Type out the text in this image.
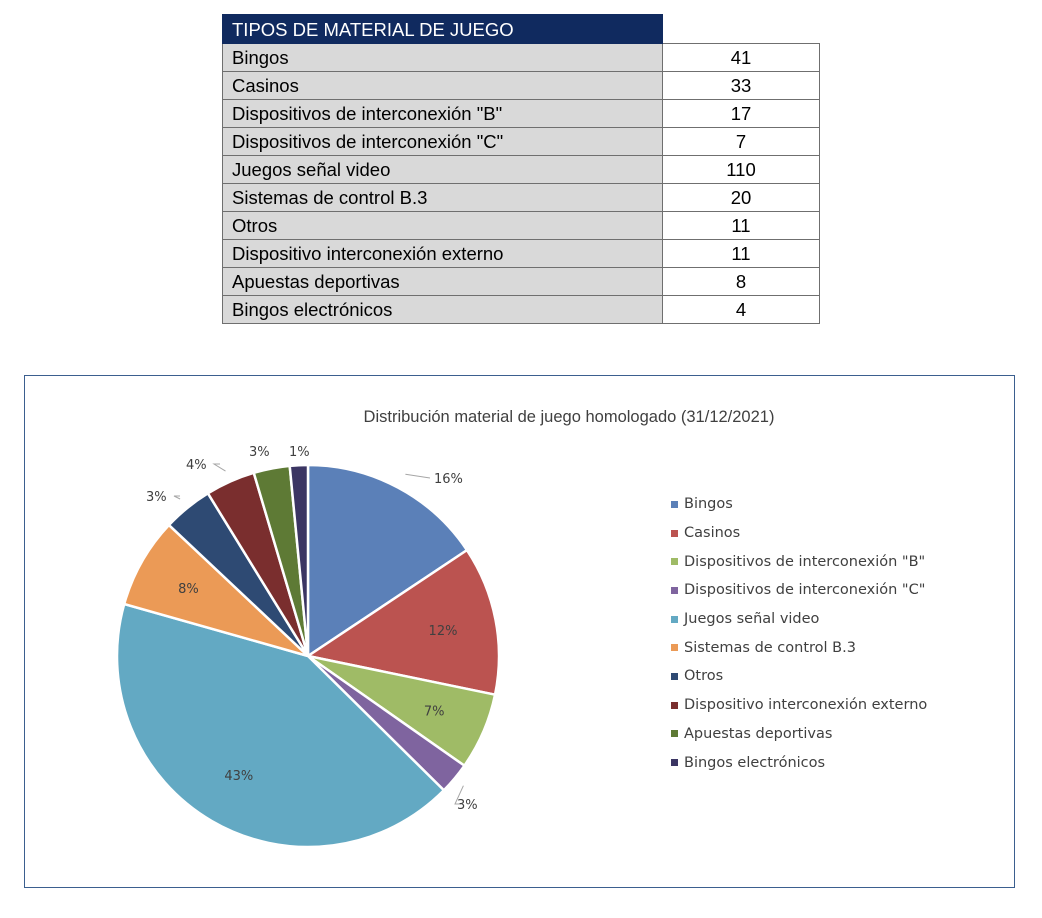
TIPOS DE MATERIAL DE JUEGO	
Bingos	41
Casinos	33
Dispositivos de interconexión "B"	17
Dispositivos de interconexión "C"	7
Juegos señal video	110
Sistemas de control B.3	20
Otros	11
Dispositivo interconexión externo	11
Apuestas deportivas	8
Bingos electrónicos	4
Distribución material de juego homologado (31/12/2021)
16%
12%
7%
3%
43%
8%
3%
4%
3% 1%
Bingos
Casinos
Dispositivos de interconexión "B"
Dispositivos de interconexión "C"
Juegos señal video
Sistemas de control B.3
Otros
Dispositivo interconexión externo
Apuestas deportivas
Bingos electrónicos
